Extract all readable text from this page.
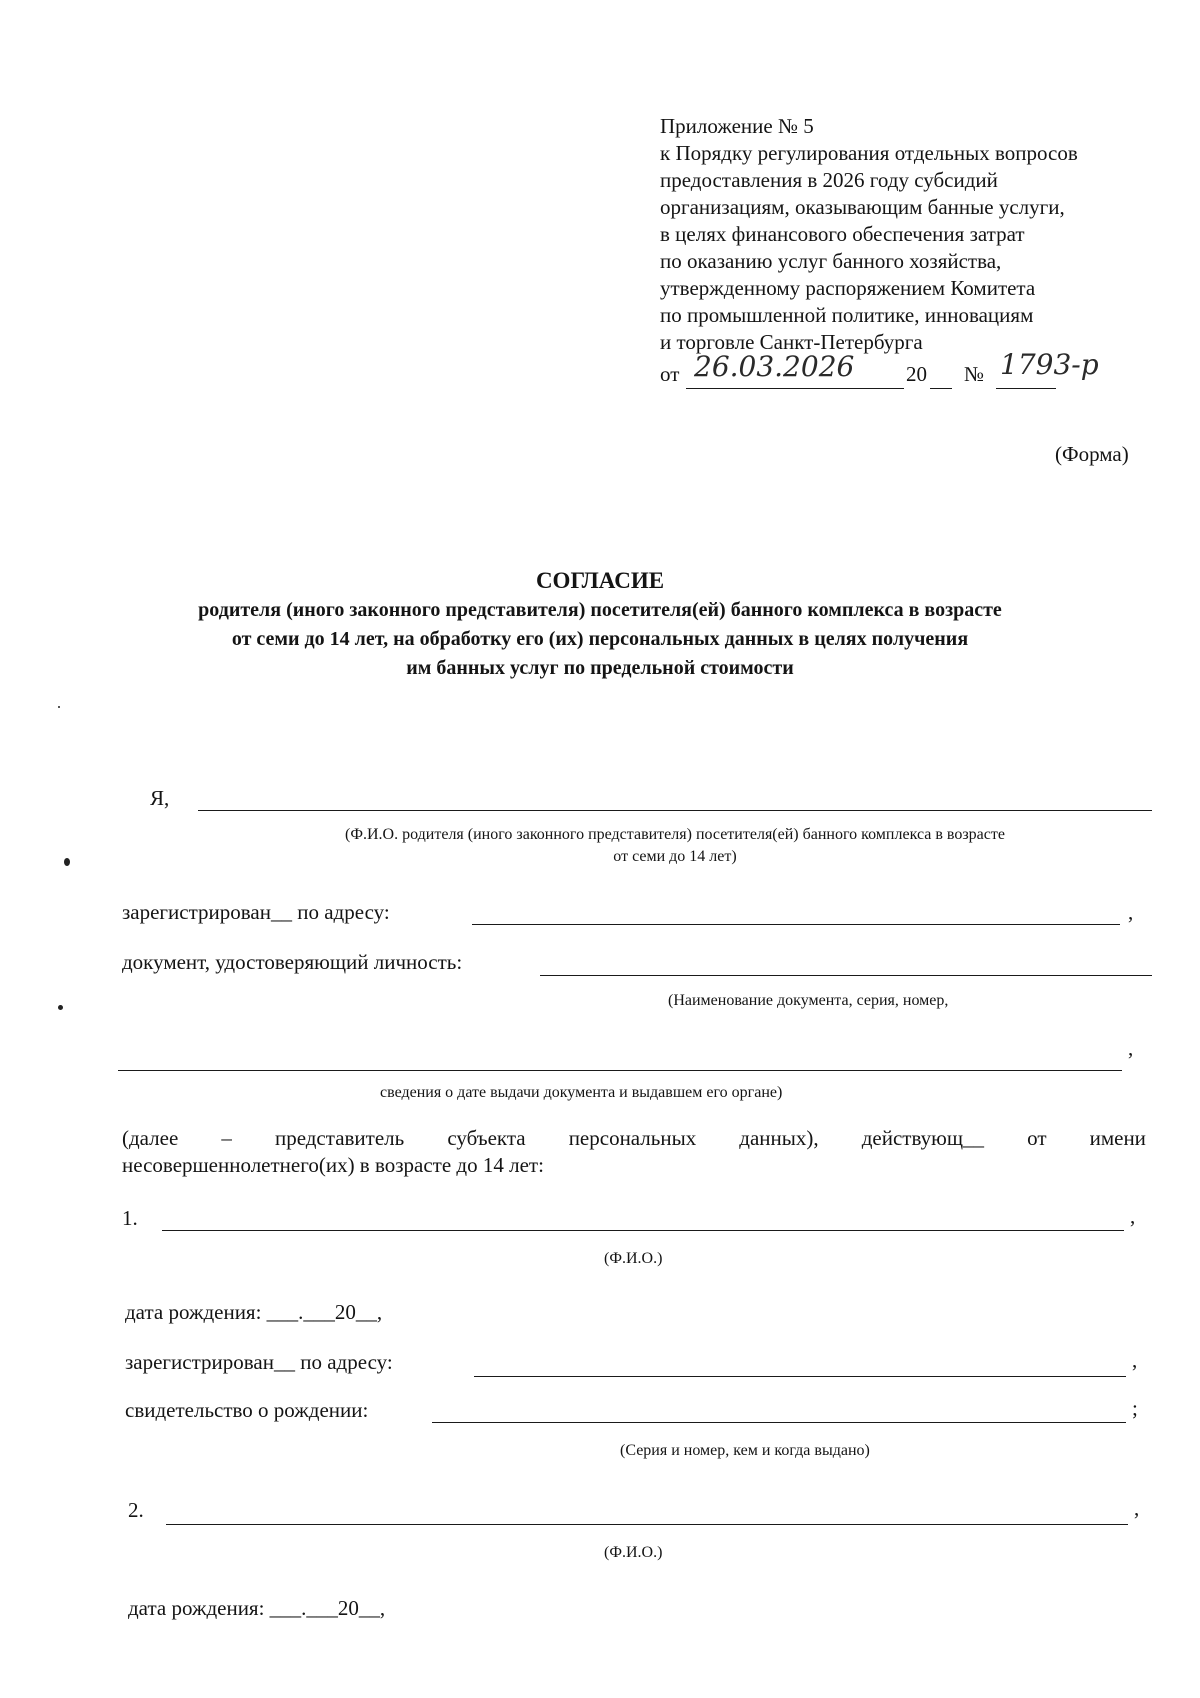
Приложение № 5
к Порядку регулирования отдельных вопросов
предоставления в 2026 году субсидий
организациям, оказывающим банные услуги,
в целях финансового обеспечения затрат
по оказанию услуг банного хозяйства,
утвержденному распоряжением Комитета
по промышленной политике, инновациям
и торговле Санкт-Петербурга
от 26.03.2026 20 № 1793-р
(Форма)
СОГЛАСИЕ
родителя (иного законного представителя) посетителя(ей) банного комплекса в возрасте
от семи до 14 лет, на обработку его (их) персональных данных в целях получения
им банных услуг по предельной стоимости
Я,
(Ф.И.О. родителя (иного законного представителя) посетителя(ей) банного комплекса в возрасте
от семи до 14 лет)
зарегистрирован__ по адресу:	,
документ, удостоверяющий личность:
(Наименование документа, серия, номер,
,
сведения о дате выдачи документа и выдавшем его органе)
(далее – представитель субъекта персональных данных), действующ__ от имени
несовершеннолетнего(их) в возрасте до 14 лет:
1.	,
(Ф.И.О.)
дата рождения: ___.___20__,
зарегистрирован__ по адресу:	,
свидетельство о рождении:	;
(Серия и номер, кем и когда выдано)
2.	,
(Ф.И.О.)
дата рождения: ___.___20__,
